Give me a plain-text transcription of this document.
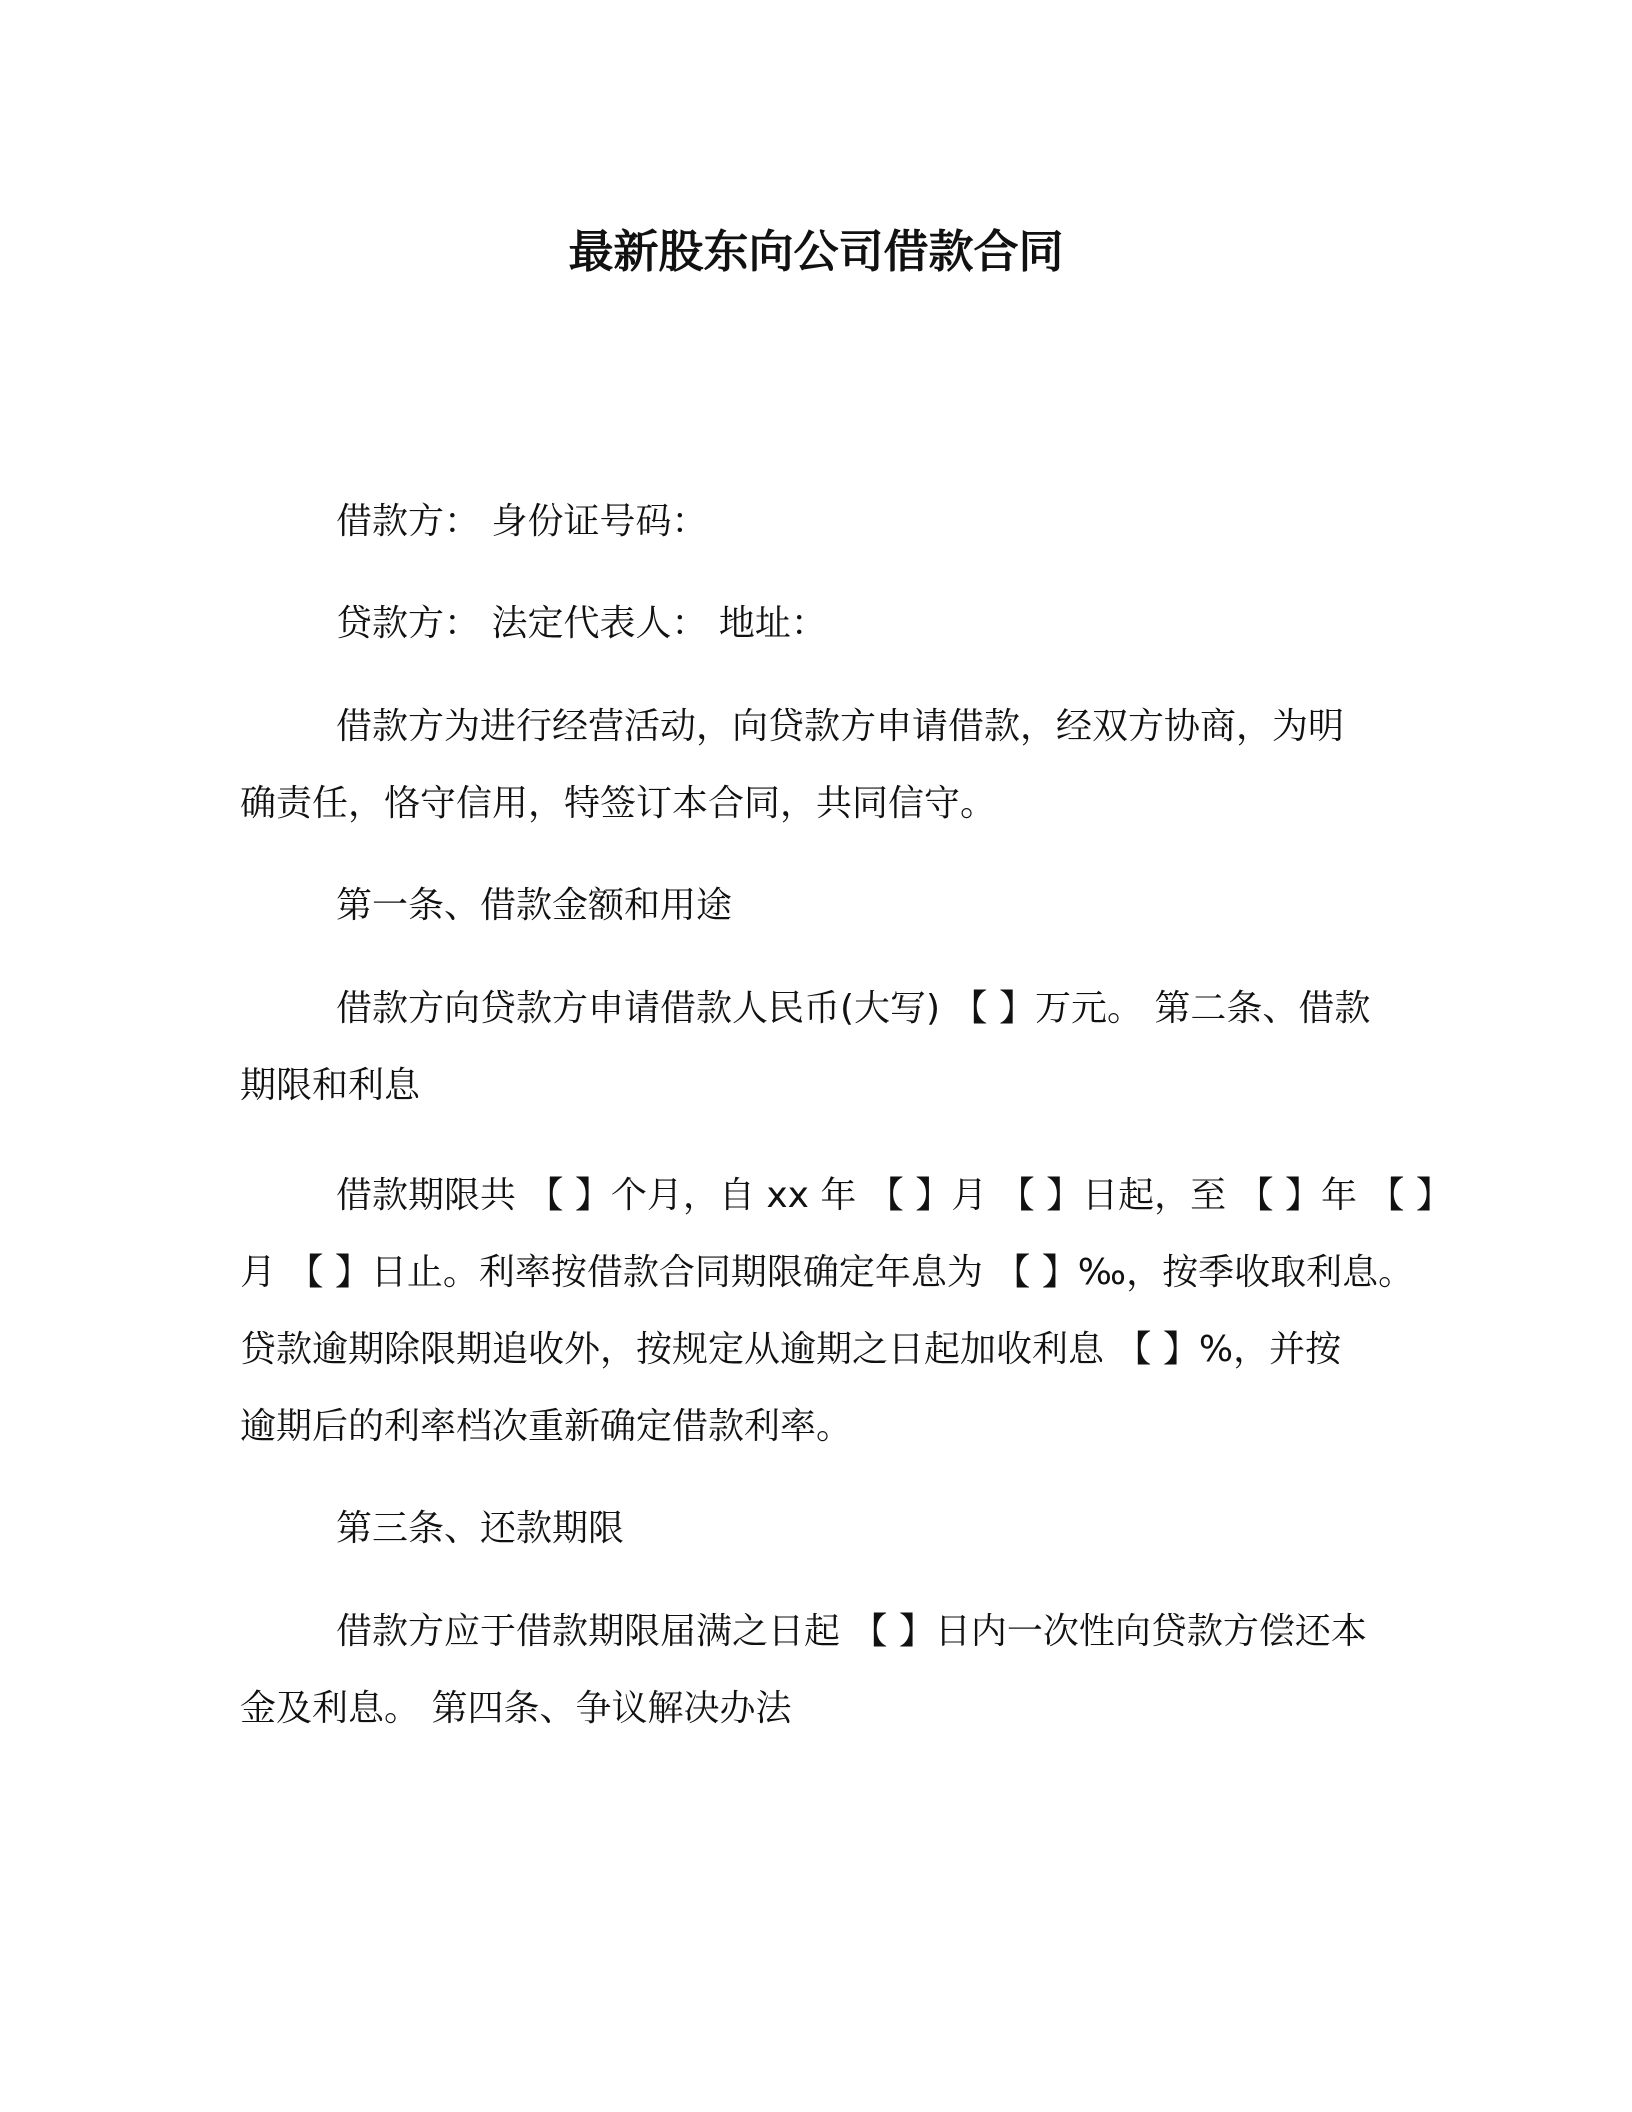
最新股东向公司借款合同
借款方： 身份证号码：
贷款方： 法定代表人： 地址：
借款方为进行经营活动，向贷款方申请借款，经双方协商，为明
确责任，恪守信用，特签订本合同，共同信守。
第一条、借款金额和用途
借款方向贷款方申请借款人民币(大写) 【 】万元。 第二条、借款
期限和利息
借款期限共 【 】个月，自 xx 年 【 】月 【 】日起，至 【 】年 【 】
月 【 】日止。利率按借款合同期限确定年息为 【 】‰，按季收取利息。
贷款逾期除限期追收外，按规定从逾期之日起加收利息 【 】%，并按
逾期后的利率档次重新确定借款利率。
第三条、还款期限
借款方应于借款期限届满之日起 【 】日内一次性向贷款方偿还本
金及利息。 第四条、争议解决办法
